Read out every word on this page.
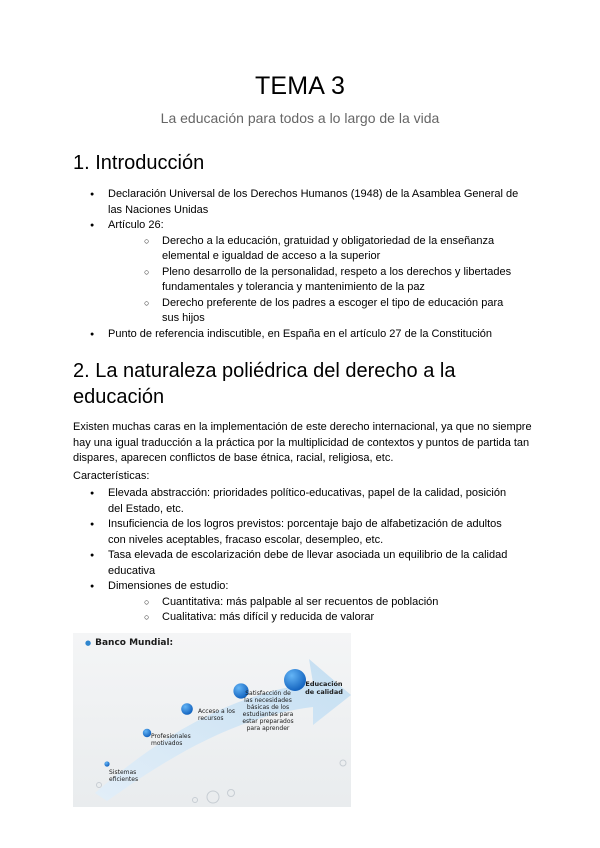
TEMA 3
La educación para todos a lo largo de la vida
1. Introducción
● Declaración Universal de los Derechos Humanos (1948) de la Asamblea General de las Naciones Unidas
● Artículo 26:
○ Derecho a la educación, gratuidad y obligatoriedad de la enseñanza elemental e igualdad de acceso a la superior
○ Pleno desarrollo de la personalidad, respeto a los derechos y libertades fundamentales y tolerancia y mantenimiento de la paz
○ Derecho preferente de los padres a escoger el tipo de educación para sus hijos
● Punto de referencia indiscutible, en España en el artículo 27 de la Constitución
2. La naturaleza poliédrica del derecho a la educación
Existen muchas caras en la implementación de este derecho internacional, ya que no siempre hay una igual traducción a la práctica por la multiplicidad de contextos y puntos de partida tan dispares, aparecen conflictos de base étnica, racial, religiosa, etc.
Características:
● Elevada abstracción: prioridades político-educativas, papel de la calidad, posición del Estado, etc.
● Insuficiencia de los logros previstos: porcentaje bajo de alfabetización de adultos con niveles aceptables, fracaso escolar, desempleo, etc.
● Tasa elevada de escolarización debe de llevar asociada un equilibrio de la calidad educativa
● Dimensiones de estudio:
○ Cuantitativa: más palpable al ser recuentos de población
○ Cualitativa: más difícil y reducida de valorar
● Banco Mundial:
Sistemas eficientes
Profesionales motivados
Acceso a los recursos
Satisfacción de las necesidades básicas de los estudiantes para estar preparados para aprender
Educación de calidad
